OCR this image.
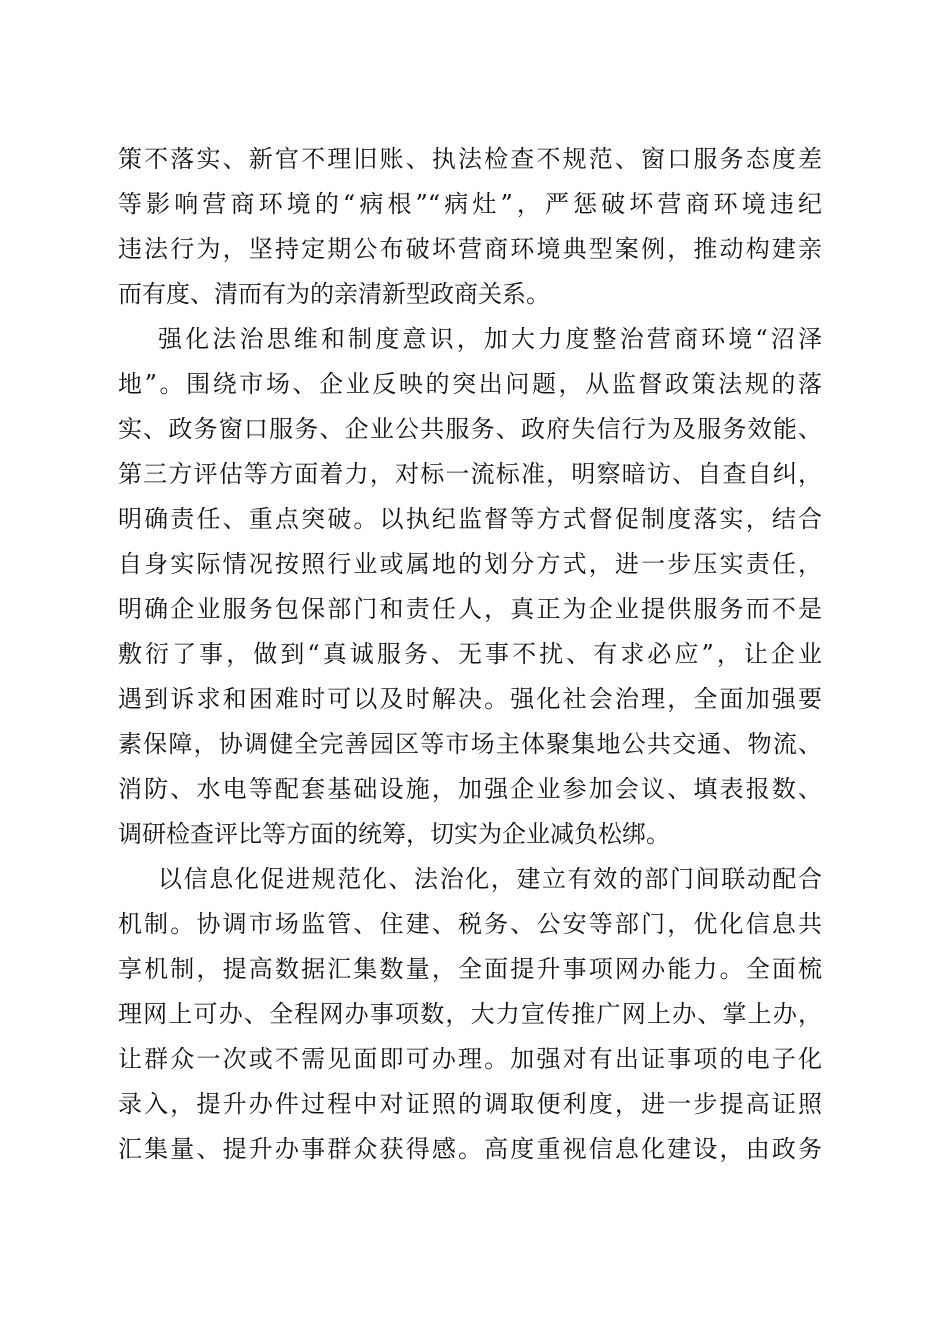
策不落实、新官不理旧账、执法检查不规范、窗口服务态度差
等影响营商环境的“病根”“病灶”，严惩破坏营商环境违纪
违法行为，坚持定期公布破坏营商环境典型案例，推动构建亲
而有度、清而有为的亲清新型政商关系。
强化法治思维和制度意识，加大力度整治营商环境“沼泽
地”。围绕市场、企业反映的突出问题，从监督政策法规的落
实、政务窗口服务、企业公共服务、政府失信行为及服务效能、
第三方评估等方面着力，对标一流标准，明察暗访、自查自纠，
明确责任、重点突破。以执纪监督等方式督促制度落实，结合
自身实际情况按照行业或属地的划分方式，进一步压实责任，
明确企业服务包保部门和责任人，真正为企业提供服务而不是
敷衍了事，做到“真诚服务、无事不扰、有求必应”，让企业
遇到诉求和困难时可以及时解决。强化社会治理，全面加强要
素保障，协调健全完善园区等市场主体聚集地公共交通、物流、
消防、水电等配套基础设施，加强企业参加会议、填表报数、
调研检查评比等方面的统筹，切实为企业减负松绑。
以信息化促进规范化、法治化，建立有效的部门间联动配合
机制。协调市场监管、住建、税务、公安等部门，优化信息共
享机制，提高数据汇集数量，全面提升事项网办能力。全面梳
理网上可办、全程网办事项数，大力宣传推广网上办、掌上办，
让群众一次或不需见面即可办理。加强对有出证事项的电子化
录入，提升办件过程中对证照的调取便利度，进一步提高证照
汇集量、提升办事群众获得感。高度重视信息化建设，由政务
